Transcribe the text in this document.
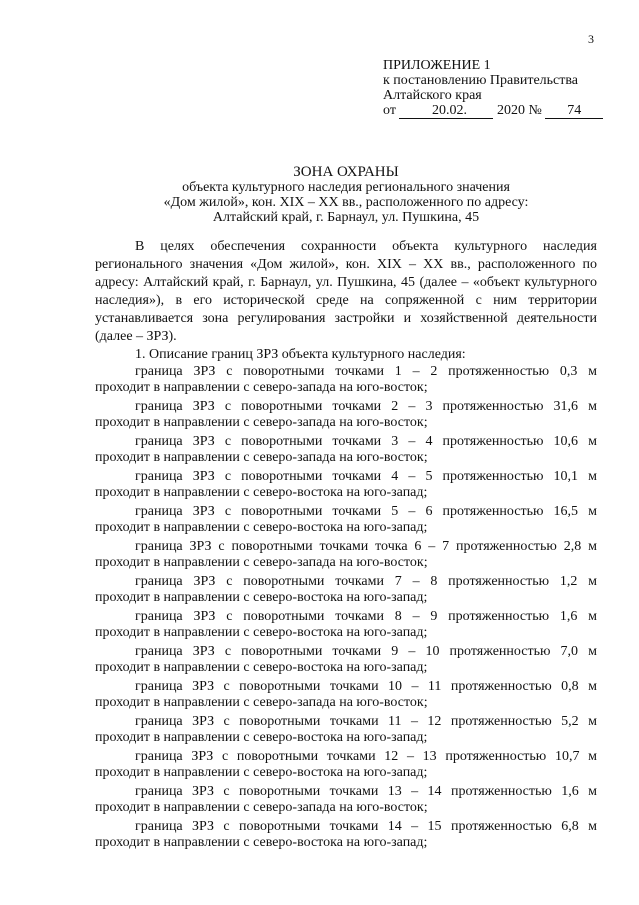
3
ПРИЛОЖЕНИЕ 1
к постановлению Правительства
Алтайского края
от	20.02. 2020 № 74
ЗОНА ОХРАНЫ
объекта культурного наследия регионального значения
«Дом жилой», кон. XIX – XX вв., расположенного по адресу:
Алтайский край, г. Барнаул, ул. Пушкина, 45

В целях обеспечения сохранности объекта культурного наследия регионального значения «Дом жилой», кон. XIX – XX вв., расположенного по адресу: Алтайский край, г. Барнаул, ул. Пушкина, 45 (далее – «объект культурного наследия»), в его исторической среде на сопряженной с ним территории устанавливается зона регулирования застройки и хозяйственной деятельности (далее – ЗРЗ).

1. Описание границ ЗРЗ объекта культурного наследия:

граница ЗРЗ с поворотными точками 1 – 2 протяженностью 0,3 м
проходит в направлении с северо-запада на юго-восток;
граница ЗРЗ с поворотными точками 2 – 3 протяженностью 31,6 м
проходит в направлении с северо-запада на юго-восток;
граница ЗРЗ с поворотными точками 3 – 4 протяженностью 10,6 м
проходит в направлении с северо-запада на юго-восток;
граница ЗРЗ с поворотными точками 4 – 5 протяженностью 10,1 м
проходит в направлении с северо-востока на юго-запад;
граница ЗРЗ с поворотными точками 5 – 6 протяженностью 16,5 м
проходит в направлении с северо-востока на юго-запад;
граница ЗРЗ с поворотными точками точка 6 – 7 протяженностью 2,8 м
проходит в направлении с северо-запада на юго-восток;
граница ЗРЗ с поворотными точками 7 – 8 протяженностью 1,2 м
проходит в направлении с северо-востока на юго-запад;
граница ЗРЗ с поворотными точками 8 – 9 протяженностью 1,6 м
проходит в направлении с северо-востока на юго-запад;
граница ЗРЗ с поворотными точками 9 – 10 протяженностью 7,0 м
проходит в направлении с северо-востока на юго-запад;
граница ЗРЗ с поворотными точками 10 – 11 протяженностью 0,8 м
проходит в направлении с северо-запада на юго-восток;
граница ЗРЗ с поворотными точками 11 – 12 протяженностью 5,2 м
проходит в направлении с северо-востока на юго-запад;
граница ЗРЗ с поворотными точками 12 – 13 протяженностью 10,7 м
проходит в направлении с северо-востока на юго-запад;
граница ЗРЗ с поворотными точками 13 – 14 протяженностью 1,6 м
проходит в направлении с северо-запада на юго-восток;
граница ЗРЗ с поворотными точками 14 – 15 протяженностью 6,8 м
проходит в направлении с северо-востока на юго-запад;
